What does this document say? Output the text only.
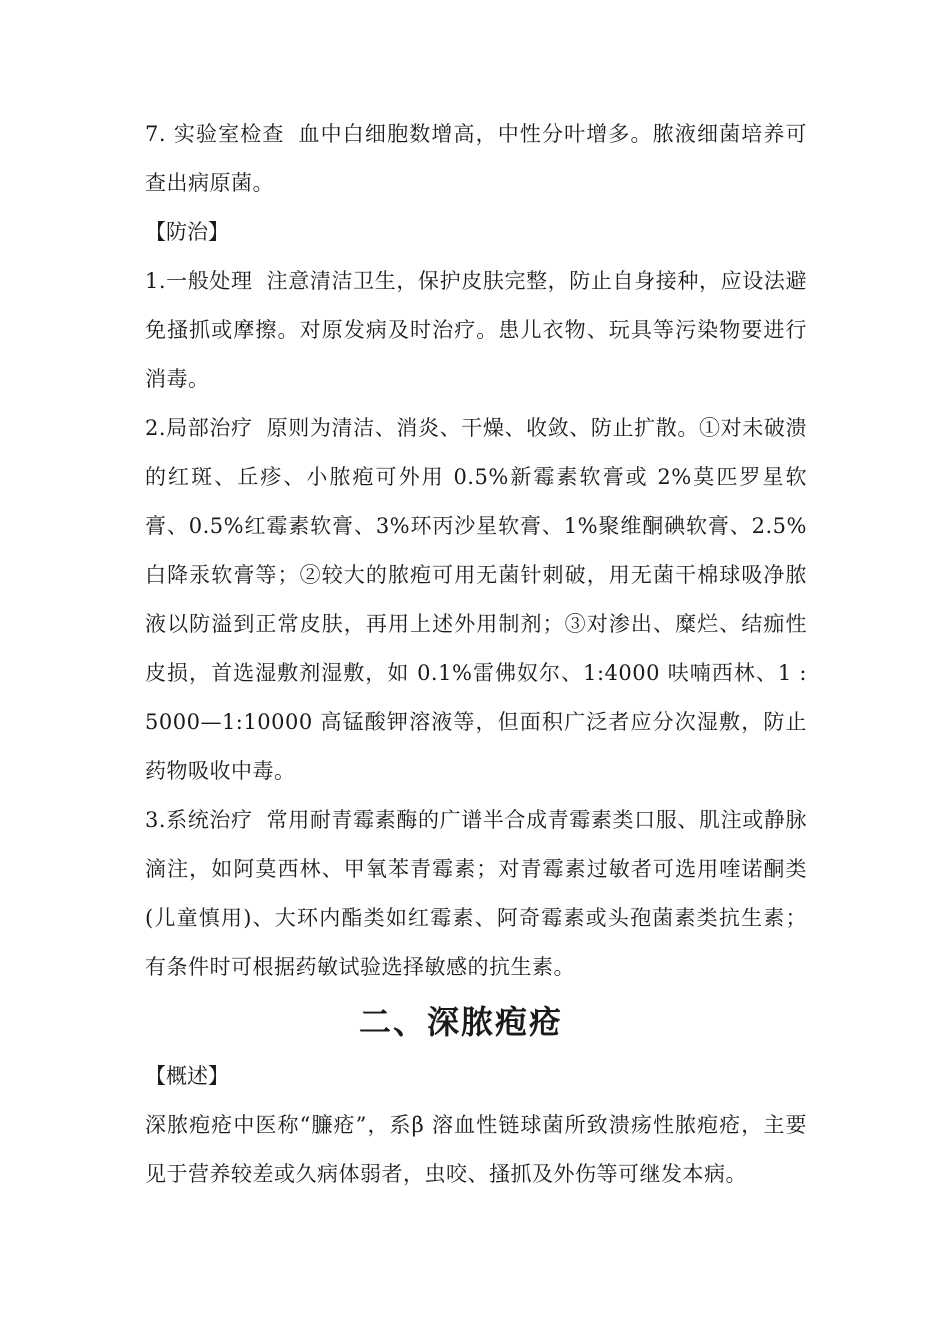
7. 实验室检查 血中白细胞数增高，中性分叶增多。脓液细菌培养可查出病原菌。

【防治】

1.一般处理 注意清洁卫生，保护皮肤完整，防止自身接种，应设法避免搔抓或摩擦。对原发病及时治疗。患儿衣物、玩具等污染物要进行消毒。

2.局部治疗 原则为清洁、消炎、干燥、收敛、防止扩散。①对未破溃的红斑、丘疹、小脓疱可外用 0.5%新霉素软膏或 2%莫匹罗星软膏、0.5%红霉素软膏、3%环丙沙星软膏、1%聚维酮碘软膏、2.5%白降汞软膏等；②较大的脓疱可用无菌针刺破，用无菌干棉球吸净脓液以防溢到正常皮肤，再用上述外用制剂；③对渗出、糜烂、结痂性皮损，首选湿敷剂湿敷，如 0.1%雷佛奴尔、1:4000 呋喃西林、1 : 5000—1:10000 高锰酸钾溶液等，但面积广泛者应分次湿敷，防止药物吸收中毒。

3.系统治疗 常用耐青霉素酶的广谱半合成青霉素类口服、肌注或静脉滴注，如阿莫西林、甲氧苯青霉素；对青霉素过敏者可选用喹诺酮类(儿童慎用)、大环内酯类如红霉素、阿奇霉素或头孢菌素类抗生素；有条件时可根据药敏试验选择敏感的抗生素。

二、深脓疱疮

【概述】

深脓疱疮中医称“臁疮”，系β 溶血性链球菌所致溃疡性脓疱疮，主要见于营养较差或久病体弱者，虫咬、搔抓及外伤等可继发本病。
